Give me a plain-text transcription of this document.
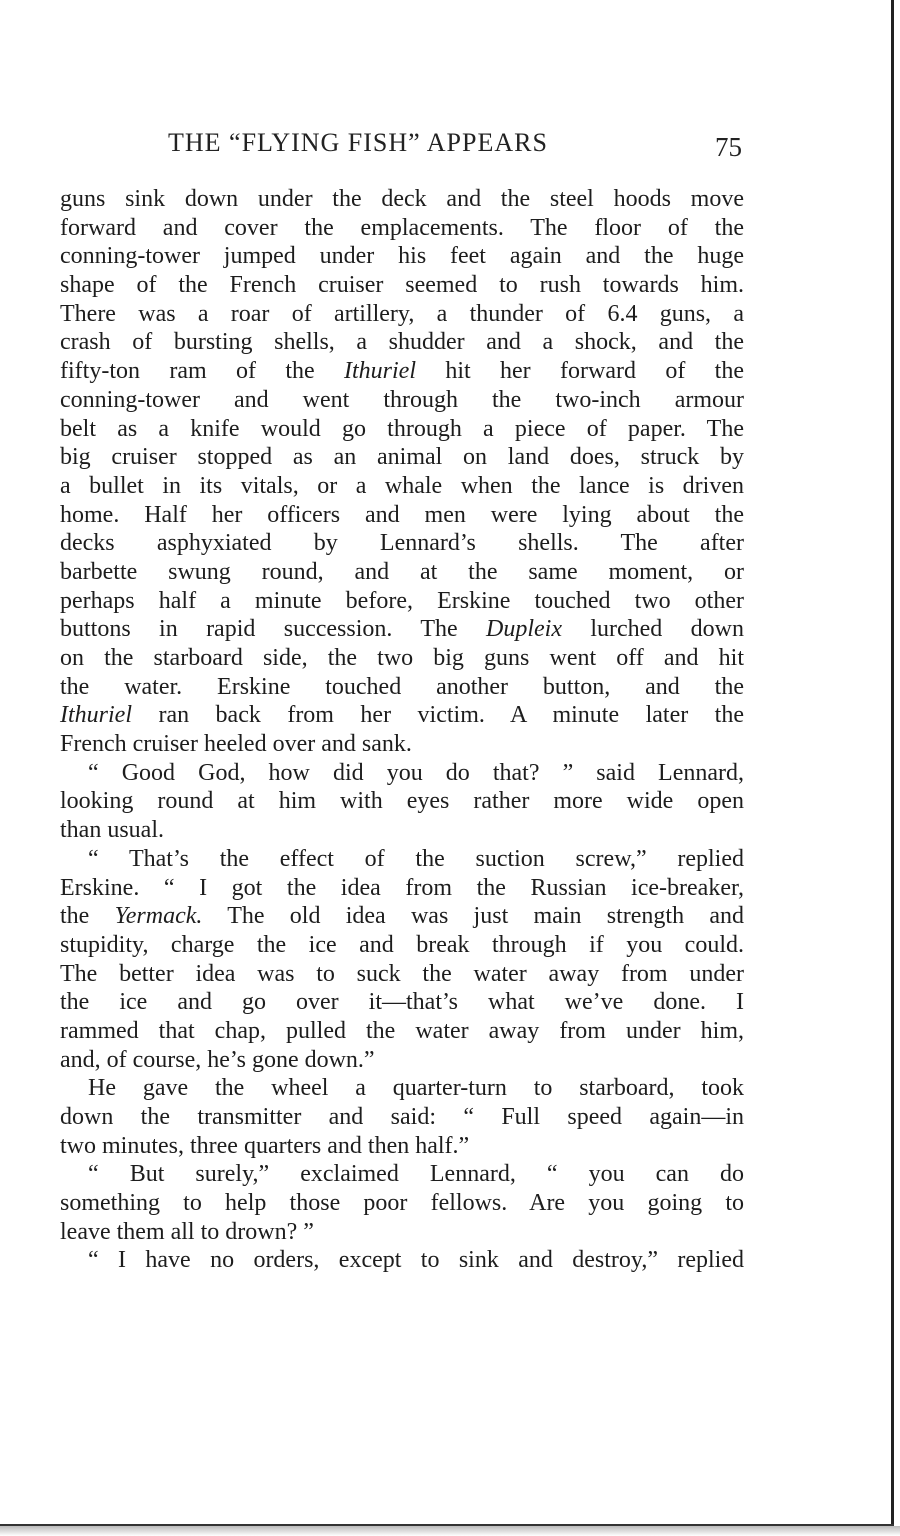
THE “FLYING FISH” APPEARS	75
guns sink down under the deck and the steel hoods move
forward and cover the emplacements. The floor of the
conning-tower jumped under his feet again and the huge
shape of the French cruiser seemed to rush towards him.
There was a roar of artillery, a thunder of 6.4 guns, a
crash of bursting shells, a shudder and a shock, and the
fifty-ton ram of the Ithuriel hit her forward of the
conning-tower and went through the two-inch armour
belt as a knife would go through a piece of paper. The
big cruiser stopped as an animal on land does, struck by
a bullet in its vitals, or a whale when the lance is driven
home. Half her officers and men were lying about the
decks asphyxiated by Lennard’s shells. The after
barbette swung round, and at the same moment, or
perhaps half a minute before, Erskine touched two other
buttons in rapid succession. The Dupleix lurched down
on the starboard side, the two big guns went off and hit
the water. Erskine touched another button, and the
Ithuriel ran back from her victim. A minute later the
French cruiser heeled over and sank.
“ Good God, how did you do that? ” said Lennard,
looking round at him with eyes rather more wide open
than usual.
“ That’s the effect of the suction screw,” replied
Erskine. “ I got the idea from the Russian ice-breaker,
the Yermack. The old idea was just main strength and
stupidity, charge the ice and break through if you could.
The better idea was to suck the water away from under
the ice and go over it—that’s what we’ve done. I
rammed that chap, pulled the water away from under him,
and, of course, he’s gone down.”
He gave the wheel a quarter-turn to starboard, took
down the transmitter and said: “ Full speed again—in
two minutes, three quarters and then half.”
“ But surely,” exclaimed Lennard, “ you can do
something to help those poor fellows. Are you going to
leave them all to drown? ”
“ I have no orders, except to sink and destroy,” replied
